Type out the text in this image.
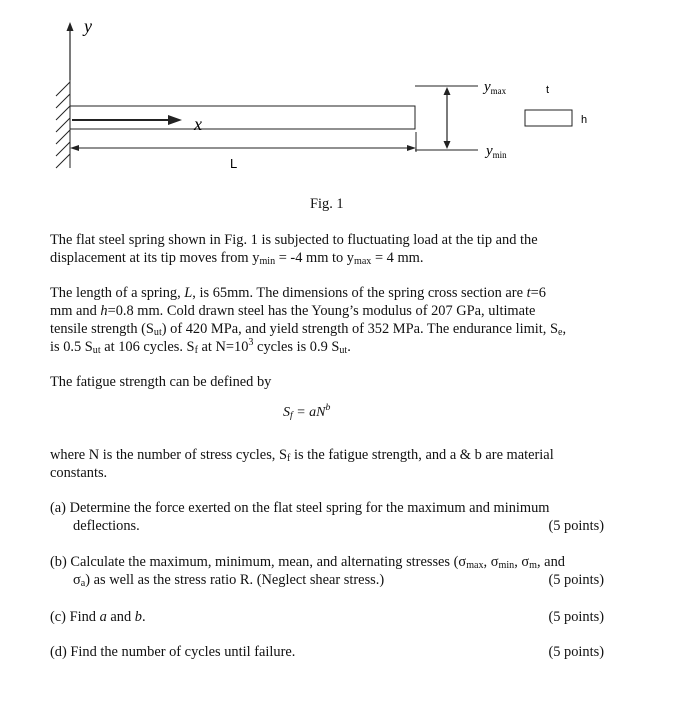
y
x
L
$y_{max}$
$y_{min}$
t
h
Fig. 1
The flat steel spring shown in Fig. 1 is subjected to fluctuating load at the tip and the
displacement at its tip moves from $y_{min} = -4$ mm to $y_{max} = 4$ mm.
The length of a spring, L, is 65mm. The dimensions of the spring cross section are t=6
mm and h=0.8 mm. Cold drawn steel has the Young’s modulus of 207 GPa, ultimate
tensile strength $(S_{ut})$ of 420 MPa, and yield strength of 352 MPa. The endurance limit, $S_e$,
is 0.5 $S_{ut}$ at 106 cycles. $S_f$ at $N=10^3$ cycles is 0.9 $S_{ut}$.
The fatigue strength can be defined by
$S_f = aN^b$
where N is the number of stress cycles, $S_f$ is the fatigue strength, and a & b are material
constants.
(a) Determine the force exerted on the flat steel spring for the maximum and minimum
deflections.	(5 points)
(b) Calculate the maximum, minimum, mean, and alternating stresses ($\sigma_{max}$, $\sigma_{min}$, $\sigma_m$, and
$\sigma_a$) as well as the stress ratio R. (Neglect shear stress.)	(5 points)
(c) Find a and b.	(5 points)
(d) Find the number of cycles until failure.	(5 points)
